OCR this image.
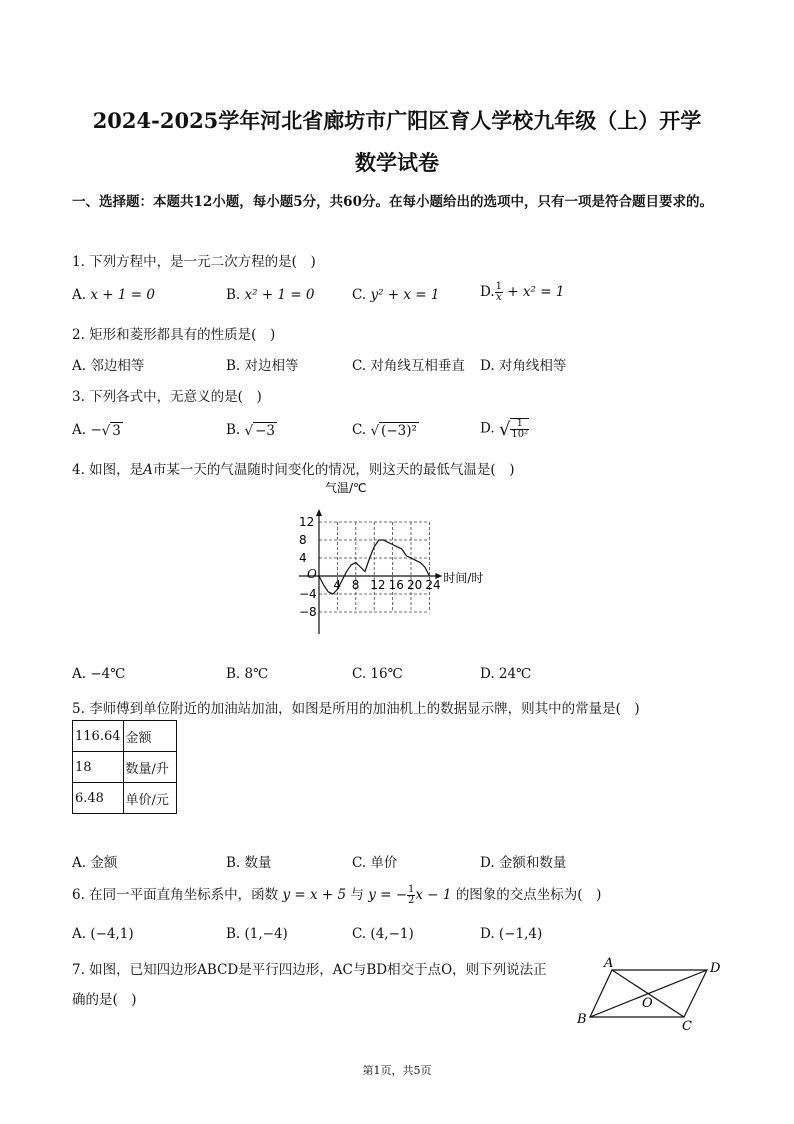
2024-2025学年河北省廊坊市广阳区育人学校九年级（上）开学
数学试卷
一、选择题：本题共12小题，每小题5分，共60分。在每小题给出的选项中，只有一项是符合题目要求的。
1. 下列方程中，是一元二次方程的是(　)
A. x + 1 = 0	B. x² + 1 = 0	C. y² + x = 1	D. $\frac{1}{x} + x^2 = 1$
2. 矩形和菱形都具有的性质是(　)
A. 邻边相等	B. 对边相等	C. 对角线互相垂直 D. 对角线相等
3. 下列各式中，无意义的是(　)
A. −√ 3	B. √ −3	C. √ (−3)²	D. √ $\frac{1}{\text{10²}}$
4. 如图，是A市某一天的气温随时间变化的情况，则这天的最低气温是(　)
4 8 12 16 20 24
12
8
4
−4
−8
气温/℃
时间/时
O
A. −4℃	B. 8℃	C. 16℃	D. 24℃
5. 李师傅到单位附近的加油站加油，如图是所用的加油机上的数据显示牌，则其中的常量是(　)
116.64	金额
18	数量/升
6.48	单价/元
A. 金额	B. 数量	C. 单价	D. 金额和数量
6. 在同一平面直角坐标系中，函数 y = x + 5 与 y = − $\frac{1}{2}$ x − 1 的图象的交点坐标为(　)
A. (−4,1)	B. (1,−4)	C. (4,−1)	D. (−1,4)
7. 如图，已知四边形ABCD是平行四边形，AC与BD相交于点O，则下列说法正
确的是(　)
A	D
B	C
O
第1页，共5页
